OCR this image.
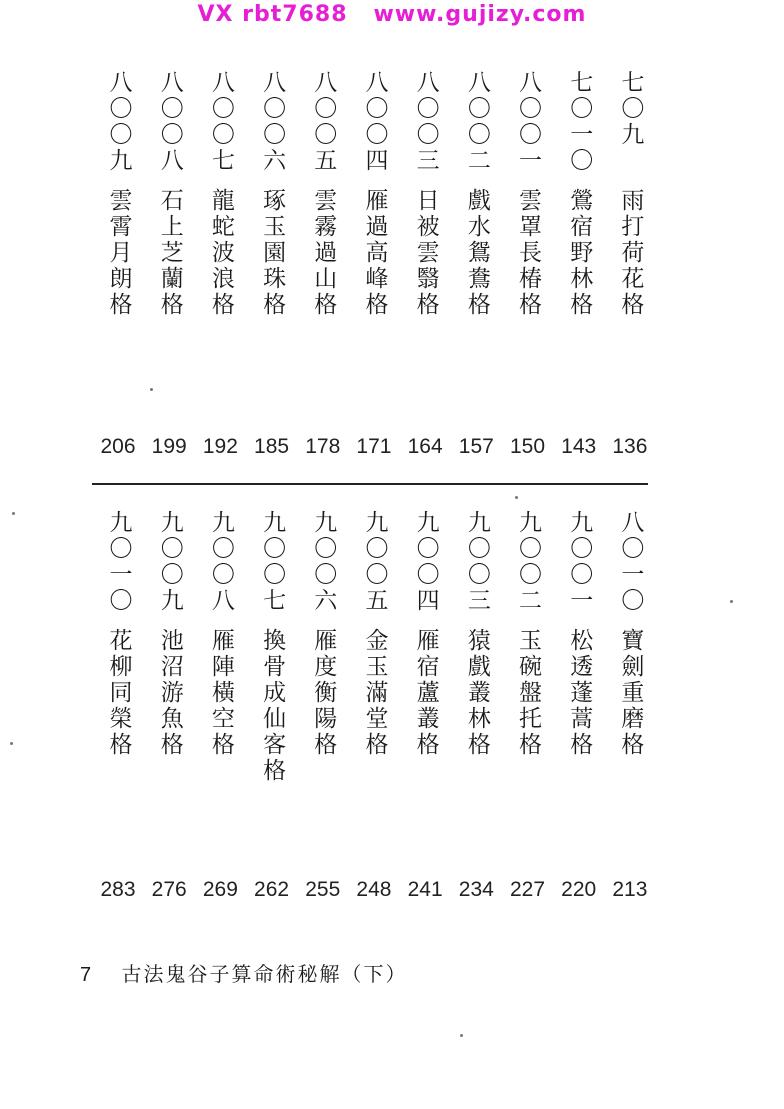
VX rbt7688   www.gujizy.com
七〇九
雨打荷花格
七〇一〇
鶯宿野林格
八〇〇一
雲罩長椿格
八〇〇二
戲水鴛鴦格
八〇〇三
日被雲翳格
八〇〇四
雁過高峰格
八〇〇五
雲霧過山格
八〇〇六
琢玉園珠格
八〇〇七
龍蛇波浪格
八〇〇八
石上芝蘭格
八〇〇九
雲霄月朗格
136
143
150
157
164
171
178
185
192
199
206
八〇一〇
寶劍重磨格
九〇〇一
松透蓬蒿格
九〇〇二
玉碗盤托格
九〇〇三
猿戲叢林格
九〇〇四
雁宿蘆叢格
九〇〇五
金玉滿堂格
九〇〇六
雁度衡陽格
九〇〇七
換骨成仙客格
九〇〇八
雁陣橫空格
九〇〇九
池沼游魚格
九〇一〇
花柳同榮格
213
220
227
234
241
248
255
262
269
276
283
7 古法鬼谷子算命術秘解（下）
